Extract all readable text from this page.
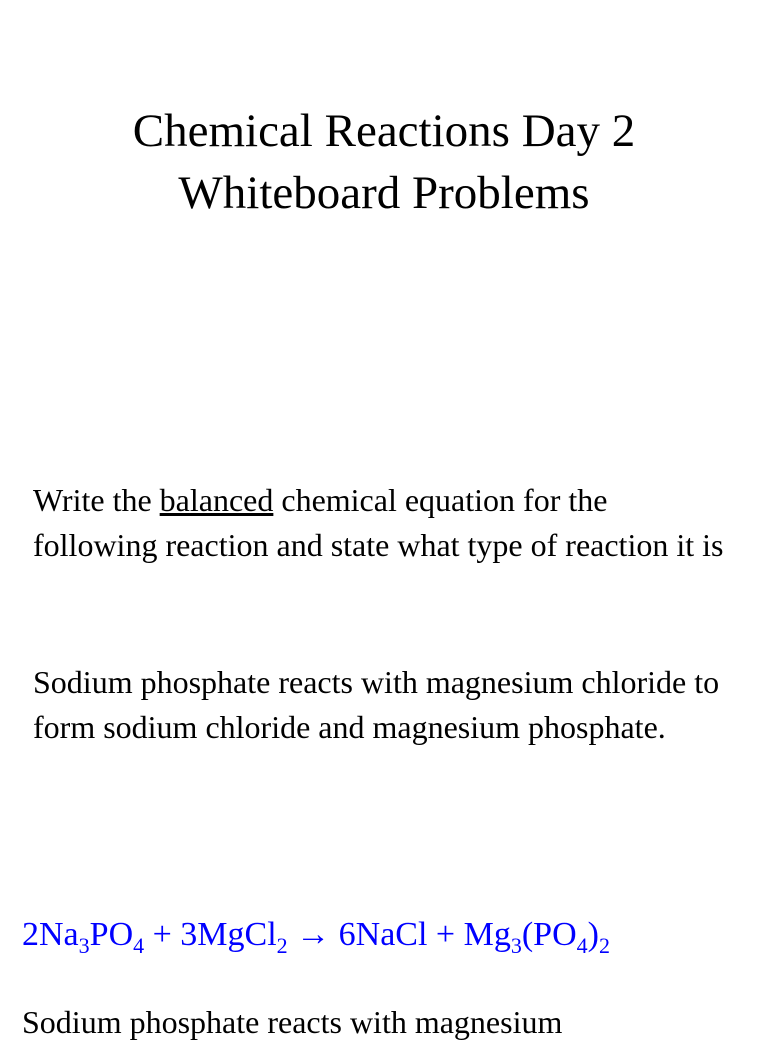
Chemical Reactions Day 2
Whiteboard Problems

Write the balanced chemical equation for the following reaction and state what type of reaction it is

Sodium phosphate reacts with magnesium chloride to form sodium chloride and magnesium phosphate.

$2Na_3PO_4$ + 3MgCl$_2$ → 6NaCl + $Mg_3(PO_4)_2$
Sodium phosphate reacts with magnesium
